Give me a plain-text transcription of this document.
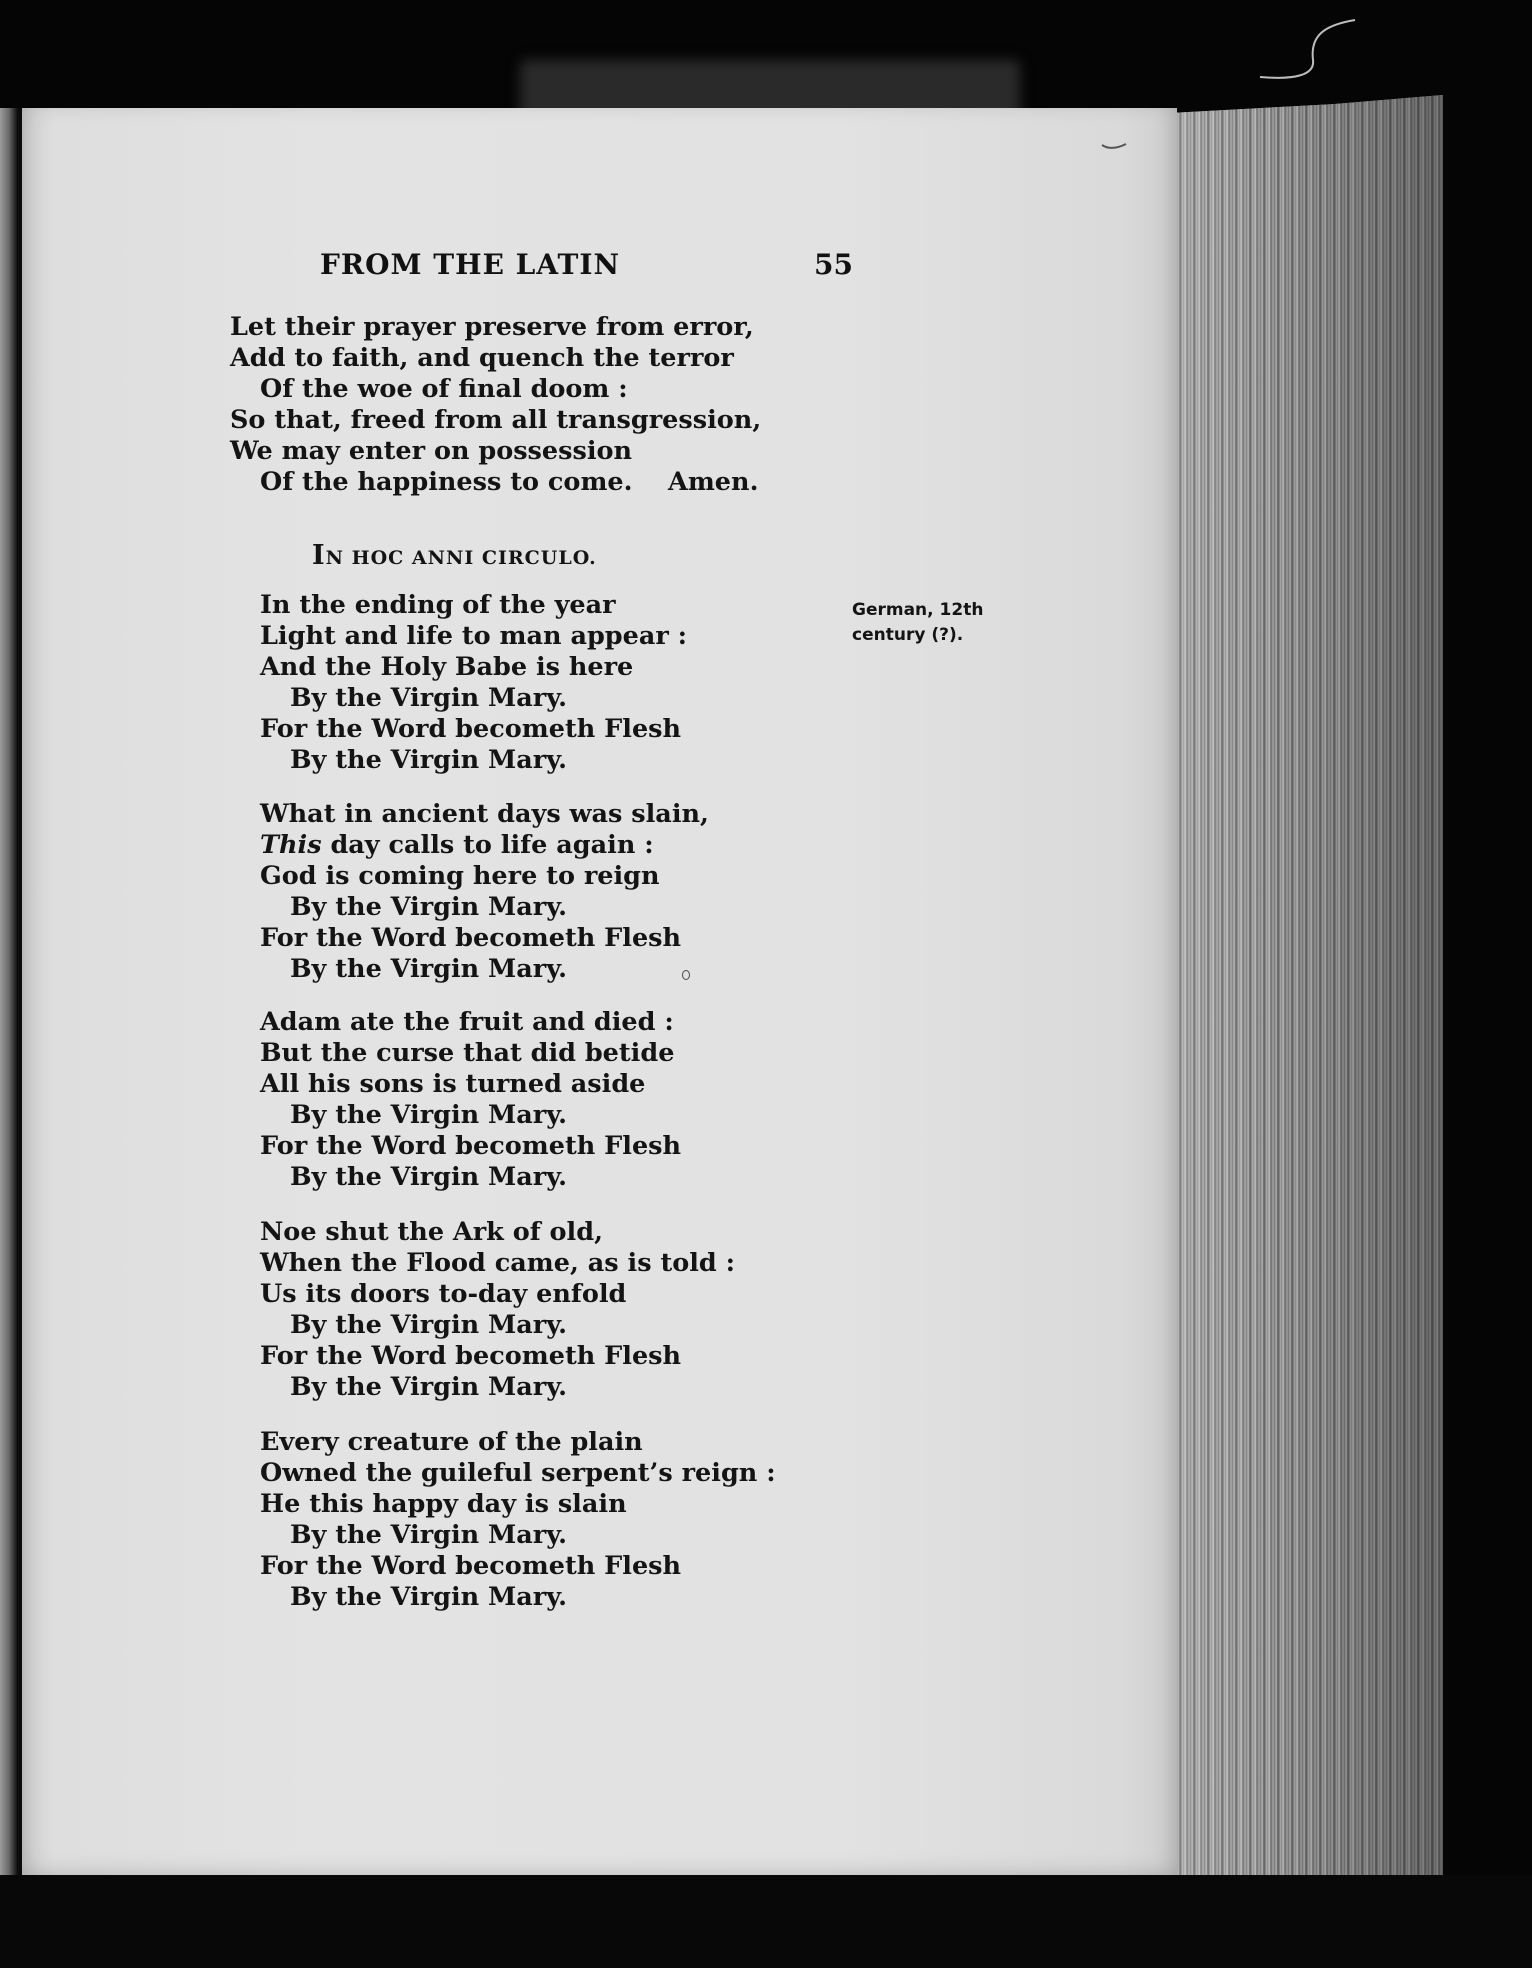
FROM THE LATIN	55
Let their prayer preserve from error,
Add to faith, and quench the terror
Of the woe of final doom :
So that, freed from all transgression,
We may enter on possession
Of the happiness to come.    Amen.
IN HOC ANNI CIRCULO.
German, 12th
century (?).
In the ending of the year
Light and life to man appear :
And the Holy Babe is here
By the Virgin Mary.
For the Word becometh Flesh
By the Virgin Mary.
What in ancient days was slain,
This day calls to life again :
God is coming here to reign
By the Virgin Mary.
For the Word becometh Flesh
By the Virgin Mary.
Adam ate the fruit and died :
But the curse that did betide
All his sons is turned aside
By the Virgin Mary.
For the Word becometh Flesh
By the Virgin Mary.
Noe shut the Ark of old,
When the Flood came, as is told :
Us its doors to-day enfold
By the Virgin Mary.
For the Word becometh Flesh
By the Virgin Mary.
Every creature of the plain
Owned the guileful serpent’s reign :
He this happy day is slain
By the Virgin Mary.
For the Word becometh Flesh
By the Virgin Mary.
